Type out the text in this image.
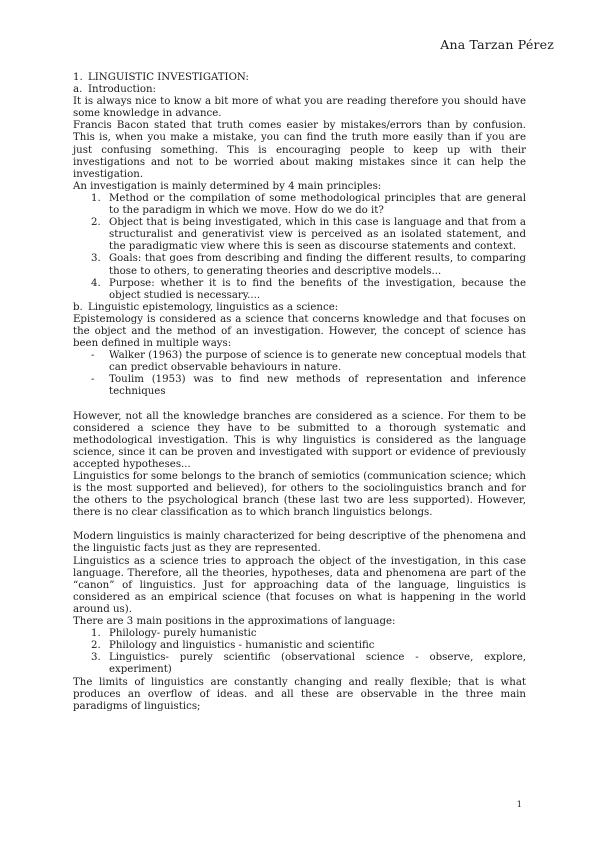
Ana Tarzan Pérez

1. LINGUISTIC INVESTIGATION:

a. Introduction:

It is always nice to know a bit more of what you are reading therefore you should have some knowledge in advance.

Francis Bacon stated that truth comes easier by mistakes/errors than by confusion. This is, when you make a mistake, you can find the truth more easily than if you are just confusing something. This is encouraging people to keep up with their investigations and not to be worried about making mistakes since it can help the investigation.

An investigation is mainly determined by 4 main principles:

1. Method or the compilation of some methodological principles that are general to the paradigm in which we move. How do we do it?
2. Object that is being investigated, which in this case is language and that from a structuralist and generativist view is perceived as an isolated statement, and the paradigmatic view where this is seen as discourse statements and context.
3. Goals: that goes from describing and finding the different results, to comparing those to others, to generating theories and descriptive models...
4. Purpose: whether it is to find the benefits of the investigation, because the object studied is necessary....

b. Linguistic epistemology, linguistics as a science:

Epistemology is considered as a science that concerns knowledge and that focuses on the object and the method of an investigation. However, the concept of science has been defined in multiple ways:

- Walker (1963) the purpose of science is to generate new conceptual models that can predict observable behaviours in nature.
- Toulim (1953) was to find new methods of representation and inference techniques

However, not all the knowledge branches are considered as a science. For them to be considered a science they have to be submitted to a thorough systematic and methodological investigation. This is why linguistics is considered as the language science, since it can be proven and investigated with support or evidence of previously accepted hypotheses...

Linguistics for some belongs to the branch of semiotics (communication science; which is the most supported and believed), for others to the sociolinguistics branch and for the others to the psychological branch (these last two are less supported). However, there is no clear classification as to which branch linguistics belongs.

Modern linguistics is mainly characterized for being descriptive of the phenomena and the linguistic facts just as they are represented.

Linguistics as a science tries to approach the object of the investigation, in this case language. Therefore, all the theories, hypotheses, data and phenomena are part of the “canon” of linguistics. Just for approaching data of the language, linguistics is considered as an empirical science (that focuses on what is happening in the world around us).

There are 3 main positions in the approximations of language:

1. Philology- purely humanistic
2. Philology and linguistics - humanistic and scientific
3. Linguistics- purely scientific (observational science - observe, explore, experiment)

The limits of linguistics are constantly changing and really flexible; that is what produces an overflow of ideas. and all these are observable in the three main paradigms of linguistics;

1
